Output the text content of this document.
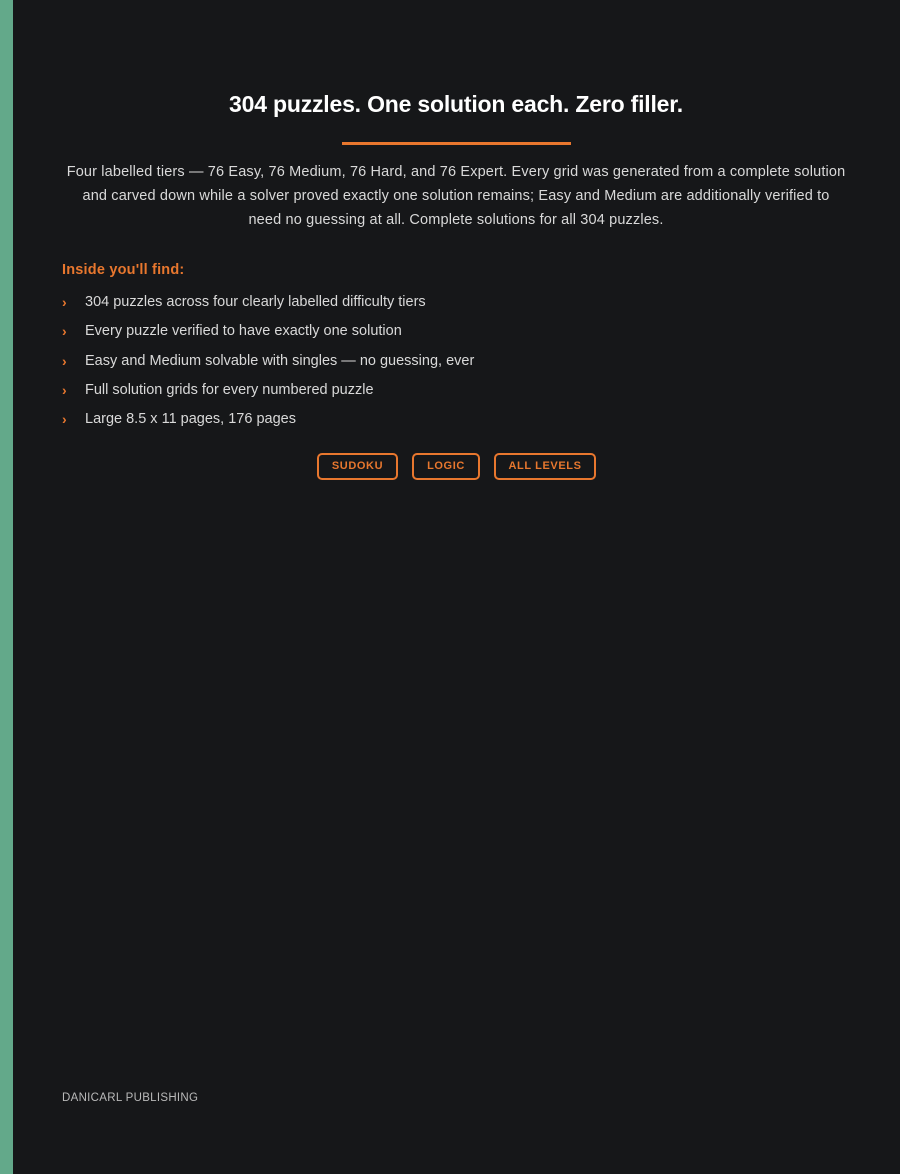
304 puzzles. One solution each. Zero filler.

Four labelled tiers — 76 Easy, 76 Medium, 76 Hard, and 76 Expert. Every grid was generated from a complete solution and carved down while a solver proved exactly one solution remains; Easy and Medium are additionally verified to need no guessing at all. Complete solutions for all 304 puzzles.

Inside you'll find:
›	304 puzzles across four clearly labelled difficulty tiers
›	Every puzzle verified to have exactly one solution
›	Easy and Medium solvable with singles — no guessing, ever
›	Full solution grids for every numbered puzzle
›	Large 8.5 x 11 pages, 176 pages
SUDOKU	LOGIC	ALL LEVELS

DANICARL PUBLISHING
